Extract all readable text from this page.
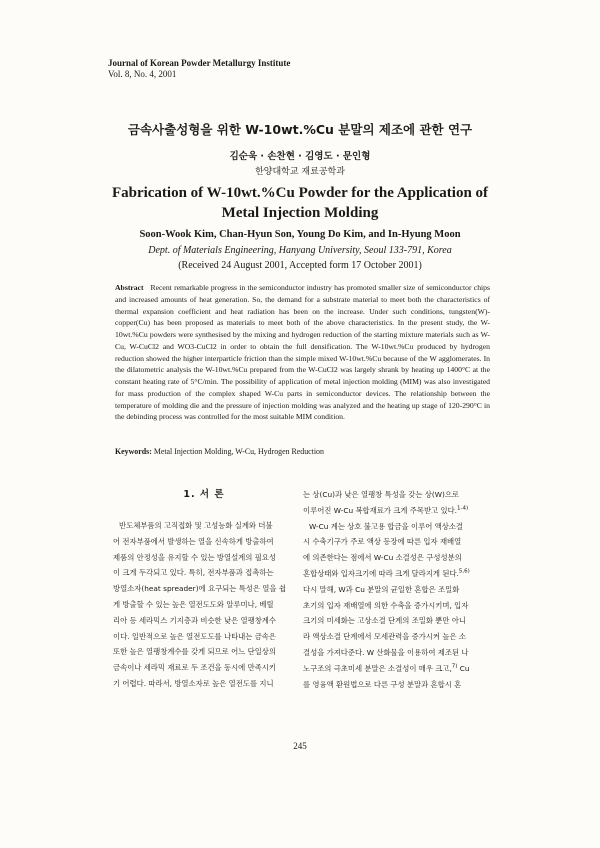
Journal of Korean Powder Metallurgy Institute
Vol. 8, No. 4, 2001
금속사출성형을 위한 W-10wt.%Cu 분말의 제조에 관한 연구
김순욱 · 손찬현 · 김영도 · 문인형
한양대학교 재료공학과
Fabrication of W-10wt.%Cu Powder for the Application of
Metal Injection Molding
Soon-Wook Kim, Chan-Hyun Son, Young Do Kim, and In-Hyung Moon
Dept. of Materials Engineering, Hanyang University, Seoul 133-791, Korea
(Received 24 August 2001, Accepted form 17 October 2001)
Abstract Recent remarkable progress in the semiconductor industry has promoted smaller size of semiconductor chips and increased amounts of heat generation. So, the demand for a substrate material to meet both the characteristics of thermal expansion coefficient and heat radiation has been on the increase. Under such conditions, tungsten(W)-copper(Cu) has been proposed as materials to meet both of the above characteristics. In the present study, the W-10wt.%Cu powders were synthesised by the mixing and hydrogen reduction of the starting mixture materials such as W-Cu, W-CuCl2 and WO3-CuCl2 in order to obtain the full densification. The W-10wt.%Cu produced by hydrogen reduction showed the higher interparticle friction than the simple mixed W-10wt.%Cu because of the W agglomerates. In the dilatometric analysis the W-10wt.%Cu prepared from the W-CuCl2 was largely shrank by heating up 1400°C at the constant heating rate of 5°C/min. The possibility of application of metal injection molding (MIM) was also investigated for mass production of the complex shaped W-Cu parts in semiconductor devices. The relationship between the temperature of molding die and the pressure of injection molding was analyzed and the heating up stage of 120-290°C in the debinding process was controlled for the most suitable MIM condition.
Keywords: Metal Injection Molding, W-Cu, Hydrogen Reduction
1. 서 론
반도체부품의 고직접화 및 고성능화 실계와 더불
어 전자부품에서 발생하는 열을 신속하게 방출하여
제품의 안정성을 유지할 수 있는 방열설계의 필요성
이 크게 두각되고 있다. 특히, 전자부품과 접촉하는
방열소자(heat spreader)에 요구되는 특성은 열을 쉽
게 방출할 수 있는 높은 열전도도와 알루미나, 베릴
리아 등 세라믹스 기지층과 비슷한 낮은 열팽창계수
이다. 일반적으로 높은 열전도도를 나타내는 금속은
또한 높은 열팽창계수를 갖게 되므로 어느 단일상의
금속이나 세라믹 재료로 두 조건을 동시에 만족시키
기 어렵다. 따라서, 방열소자로 높은 열전도를 지니
는 상(Cu)과 낮은 열팽창 특성을 갖는 상(W)으로
이루어진 W-Cu 복합재료가 크게 주목받고 있다.$^{1-4)}$
W-Cu 계는 상호 불고용 합금을 이루어 액상소결
시 수축기구가 주로 액상 등장에 따른 입자 재배열
에 의존한다는 점에서 W-Cu 소결성은 구성성분의
혼합상태와 입자크기에 따라 크게 달라지게 된다.$^{5,6)}$
다시 말해, W과 Cu 분말의 균일한 혼합은 조밀화
초기의 입자 재배열에 의한 수축을 증가시키며, 입자
크기의 미세화는 고상소결 단계의 조밀화 뿐만 아니
라 액상소결 단계에서 모세관력을 증가시켜 높은 소
결성을 가져다준다. W 산화물을 이용하여 제조된 나
노구조의 극초미세 분말은 소결성이 매우 크고,$^{7)}$ Cu
를 영융액 환원법으로 다른 구성 분말과 혼합시 혼
245
